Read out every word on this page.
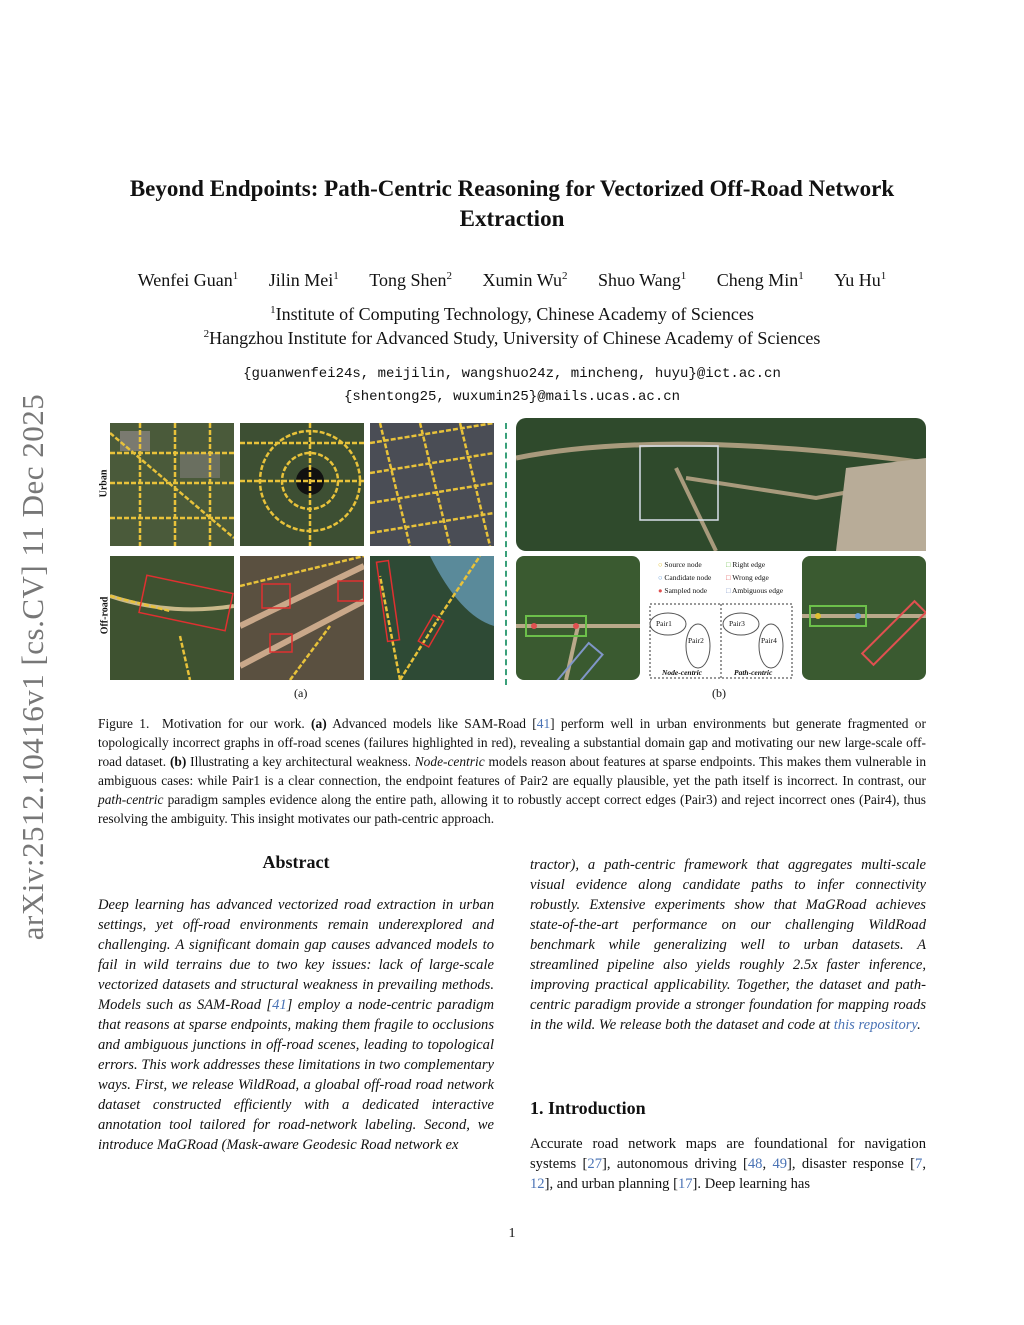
arXiv:2512.10416v1 [cs.CV] 11 Dec 2025
Beyond Endpoints: Path-Centric Reasoning for Vectorized Off-Road Network Extraction
Wenfei Guan$^1$ Jilin Mei$^1$ Tong Shen$^2$ Xumin Wu$^2$ Shuo Wang$^1$ Cheng Min$^1$ Yu Hu$^1$
$^1$Institute of Computing Technology, Chinese Academy of Sciences
$^2$Hangzhou Institute for Advanced Study, University of Chinese Academy of Sciences
{guanwenfei24s, meijilin, wangshuo24z, mincheng, huyu}@ict.ac.cn
{shentong25, wuxumin25}@mails.ucas.ac.cn
Urban
Off-road
(a)
○ Source node
○ Candidate node
● Sampled node
□ Right edge
□ Wrong edge
□ Ambiguous edge
Pair1
Pair2
Pair3
Pair4
Node-centric	Path-centric
(b)
Figure 1. Motivation for our work. (a) Advanced models like SAM-Road [41] perform well in urban environments but generate fragmented or topologically incorrect graphs in off-road scenes (failures highlighted in red), revealing a substantial domain gap and motivating our new large-scale off-road dataset. (b) Illustrating a key architectural weakness. Node-centric models reason about features at sparse endpoints. This makes them vulnerable in ambiguous cases: while Pair1 is a clear connection, the endpoint features of Pair2 are equally plausible, yet the path itself is incorrect. In contrast, our path-centric paradigm samples evidence along the entire path, allowing it to robustly accept correct edges (Pair3) and reject incorrect ones (Pair4), thus resolving the ambiguity. This insight motivates our path-centric approach.
Abstract
Deep learning has advanced vectorized road extraction in urban settings, yet off-road environments remain underexplored and challenging. A significant domain gap causes advanced models to fail in wild terrains due to two key issues: lack of large-scale vectorized datasets and structural weakness in prevailing methods. Models such as SAM-Road [41] employ a node-centric paradigm that reasons at sparse endpoints, making them fragile to occlusions and ambiguous junctions in off-road scenes, leading to topological errors. This work addresses these limitations in two complementary ways. First, we release WildRoad, a gloabal off-road road network dataset constructed efficiently with a dedicated interactive annotation tool tailored for road-network labeling. Second, we introduce MaGRoad (Mask-aware Geodesic Road network ex
tractor), a path-centric framework that aggregates multi-scale visual evidence along candidate paths to infer connectivity robustly. Extensive experiments show that MaGRoad achieves state-of-the-art performance on our challenging WildRoad benchmark while generalizing well to urban datasets. A streamlined pipeline also yields roughly 2.5x faster inference, improving practical applicability. Together, the dataset and path-centric paradigm provide a stronger foundation for mapping roads in the wild. We release both the dataset and code at this repository.
1. Introduction
Accurate road network maps are foundational for navigation systems [27], autonomous driving [48, 49], disaster response [7, 12], and urban planning [17]. Deep learning has
1
